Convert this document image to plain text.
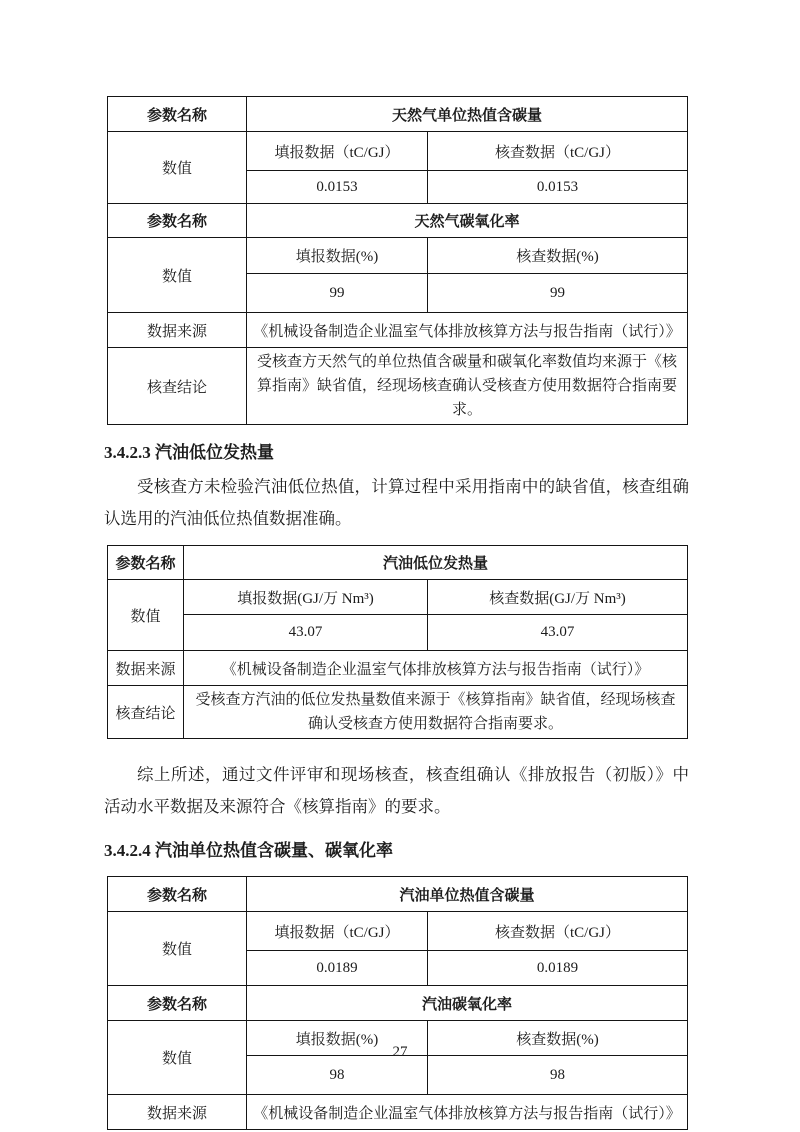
参数名称	天然气单位热值含碳量	
数值	填报数据（tC/GJ）	核查数据（tC/GJ）
	0.0153	0.0153
参数名称	天然气碳氧化率	
数值	填报数据(%)	核查数据(%)
	99	99
数据来源	《机械设备制造企业温室气体排放核算方法与报告指南（试行）》	
核查结论	受核查方天然气的单位热值含碳量和碳氧化率数值均来源于《核算指南》缺省值，经现场核查确认受核查方使用数据符合指南要求。	
3.4.2.3 汽油低位发热量
受核查方未检验汽油低位热值，计算过程中采用指南中的缺省值，核查组确认选用的汽油低位热值数据准确。
参数名称	汽油低位发热量	
数值	填报数据(GJ/万 Nm³)	核查数据(GJ/万 Nm³)
	43.07	43.07
数据来源	《机械设备制造企业温室气体排放核算方法与报告指南（试行）》	
核查结论	受核查方汽油的低位发热量数值来源于《核算指南》缺省值，经现场核查确认受核查方使用数据符合指南要求。	
综上所述，通过文件评审和现场核查，核查组确认《排放报告（初版）》中活动水平数据及来源符合《核算指南》的要求。
3.4.2.4 汽油单位热值含碳量、碳氧化率
参数名称	汽油单位热值含碳量	
数值	填报数据（tC/GJ）	核查数据（tC/GJ）
	0.0189	0.0189
参数名称	汽油碳氧化率	
数值	填报数据(%)	核查数据(%)
	98	98
数据来源	《机械设备制造企业温室气体排放核算方法与报告指南（试行）》	
27
